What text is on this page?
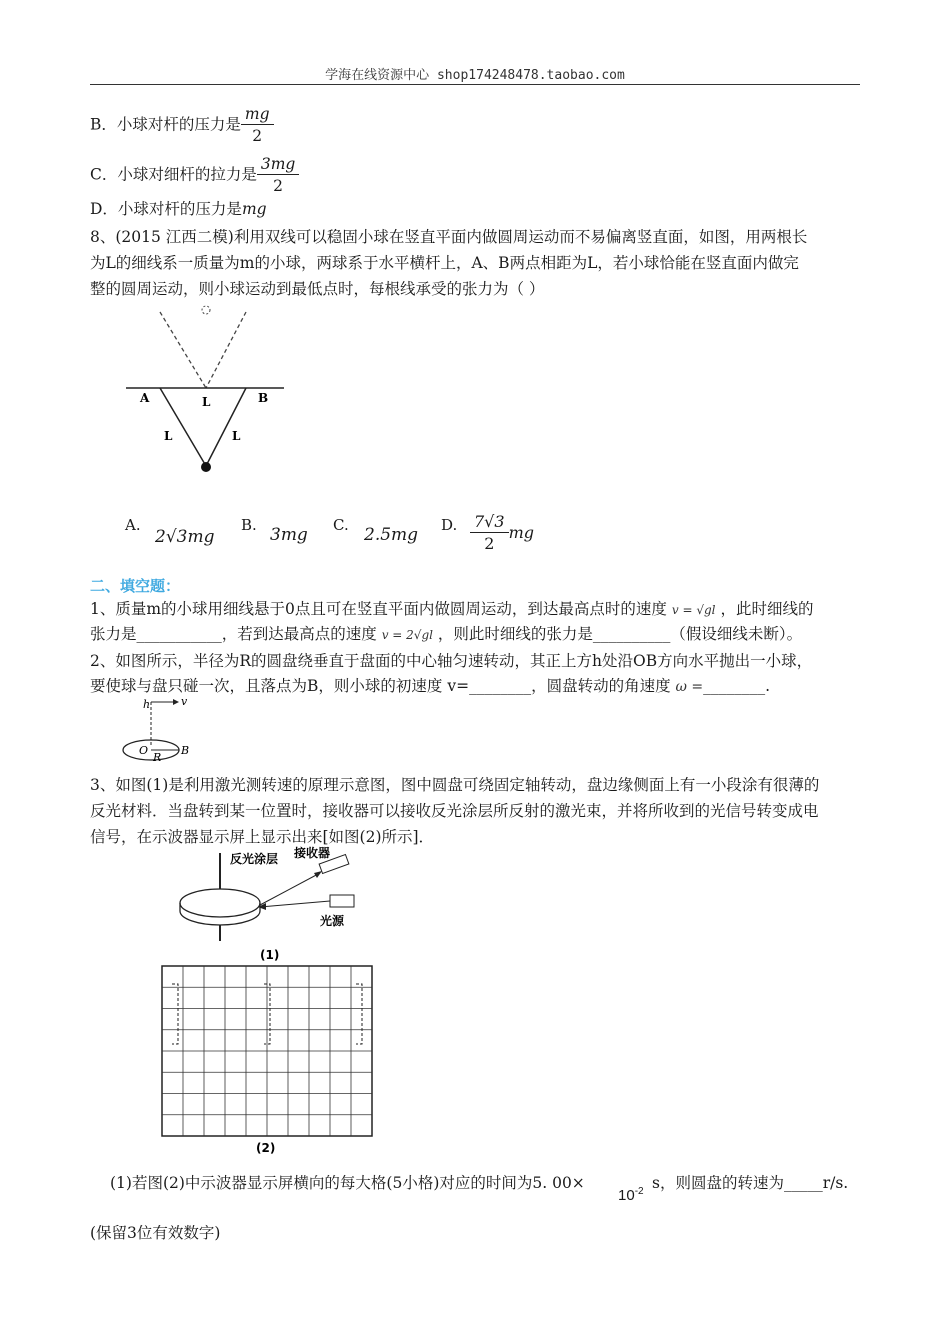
学海在线资源中心 shop174248478.taobao.com
B．小球对杆的压力是 $\frac{mg}{2}$
C．小球对细杆的拉力是 $\frac{3mg}{2}$
D．小球对杆的压力是mg
8、(2015 江西二模)利用双线可以稳固小球在竖直平面内做圆周运动而不易偏离竖直面，如图，用两根长
为L的细线系一质量为m的小球，两球系于水平横杆上，A、B两点相距为L，若小球恰能在竖直面内做完
整的圆周运动，则小球运动到最低点时，每根线承受的张力为（ ）
A	B
L
L	L
A.
2√3mg
B. 3mg C. 2.5mg D. $\frac{7√3}{2}$ mg
二、填空题：
1、质量m的小球用细线悬于0点且可在竖直平面内做圆周运动，到达最高点时的速度 v = √gl ，此时细线的
张力是___________，若到达最高点的速度 v = 2√gl ，则此时细线的张力是__________（假设细线未断）。
2、如图所示，半径为R的圆盘绕垂直于盘面的中心轴匀速转动，其正上方h处沿OB方向水平抛出一小球，
要使球与盘只碰一次，且落点为B，则小球的初速度 v=________，圆盘转动的角速度 ω =________.
h	v
O
R
B
3、如图(1)是利用激光测转速的原理示意图，图中圆盘可绕固定轴转动，盘边缘侧面上有一小段涂有很薄的
反光材料．当盘转到某一位置时，接收器可以接收反光涂层所反射的激光束，并将所收到的光信号转变成电
信号，在示波器显示屏上显示出来[如图(2)所示]．
反光涂层 接收器
光源
(1)
(2)
(1)若图(2)中示波器显示屏横向的每大格(5小格)对应的时间为5. 00×
$10^{-2}$ s，则圆盘的转速为_____r/s.
(保留3位有效数字)
